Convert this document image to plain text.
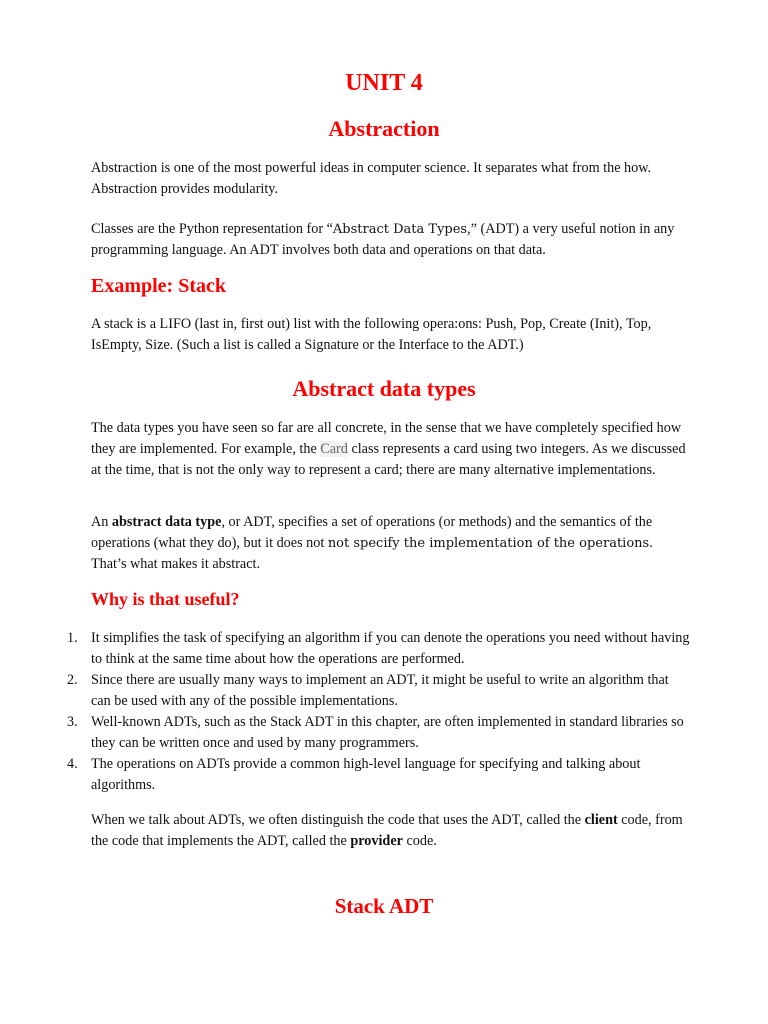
UNIT 4
Abstraction

Abstraction is one of the most powerful ideas in computer science. It separates what from the how. Abstraction provides modularity.

Classes are the Python representation for “Abstract Data Types,” (ADT) a very useful notion in any programming language. An ADT involves both data and operations on that data.

Example: Stack

A stack is a LIFO (last in, first out) list with the following opera:ons: Push, Pop, Create (Init), Top, IsEmpty, Size. (Such a list is called a Signature or the Interface to the ADT.)

Abstract data types

The data types you have seen so far are all concrete, in the sense that we have completely specified how they are implemented. For example, the Card class represents a card using two integers. As we discussed at the time, that is not the only way to represent a card; there are many alternative implementations.

An abstract data type, or ADT, specifies a set of operations (or methods) and the semantics of the operations (what they do), but it does not not specify the implementation of the operations. That’s what makes it abstract.

Why is that useful?
1. It simplifies the task of specifying an algorithm if you can denote the operations you need without having to think at the same time about how the operations are performed.
2. Since there are usually many ways to implement an ADT, it might be useful to write an algorithm that can be used with any of the possible implementations.
3. Well-known ADTs, such as the Stack ADT in this chapter, are often implemented in standard libraries so they can be written once and used by many programmers.
4. The operations on ADTs provide a common high-level language for specifying and talking about algorithms.

When we talk about ADTs, we often distinguish the code that uses the ADT, called the client code, from the code that implements the ADT, called the provider code.

Stack ADT
